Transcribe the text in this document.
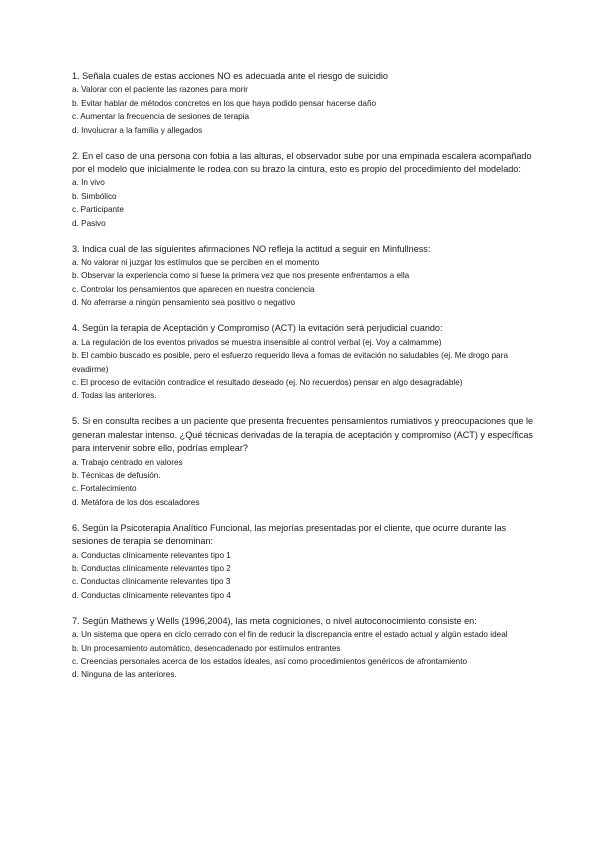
1. Señala cuales de estas acciones NO es adecuada ante el riesgo de suicidio

a. Valorar con el paciente las razones para morir

b. Evitar hablar de métodos concretos en los que haya podido pensar hacerse daño

c. Aumentar la frecuencia de sesiones de terapia

d. Involucrar a la familia y allegados

2. En el caso de una persona con fobia a las alturas, el observador sube por una empinada escalera acompañado por el modelo que inicialmente le rodea con su brazo la cintura, esto es propio del procedimiento del modelado:

a. In vivo

b. Simbólico

c. Participante

d. Pasivo

3. Indica cual de las siguientes afirmaciones NO refleja la actitud a seguir en Minfullness:

a. No valorar ni juzgar los estímulos que se perciben en el momento

b. Observar la experiencia como si fuese la primera vez que nos presente enfrentamos a ella

c. Controlar los pensamientos que aparecen en nuestra conciencia

d. No aferrarse a ningún pensamiento sea positivo o negativo

4. Según la terapia de Aceptación y Compromiso (ACT) la evitación será perjudicial cuando:

a. La regulación de los eventos privados se muestra insensible al control verbal (ej. Voy a calmamme)

b. El cambio buscado es posible, pero el esfuerzo requerido lleva a fomas de evitación no saludables (ej. Me drogo para evadirme)

c. El proceso de evitación contradice el resultado deseado (ej. No recuerdos) pensar en algo desagradable)

d. Todas las anteriores.

5. Si en consulta recibes a un paciente que presenta frecuentes pensamientos rumiativos y preocupaciones que le generan malestar intenso. ¿Qué técnicas derivadas de la terapia de aceptación y compromiso (ACT) y específicas para intervenir sobre ello, podrías emplear?

a. Trabajo centrado en valores

b. Técnicas de defusión.

c. Fortalecimiento

d. Metáfora de los dos escaladores

6. Según la Psicoterapia Analítico Funcional, las mejorías presentadas por el cliente, que ocurre durante las sesiones de terapia se denominan:

a. Conductas clínicamente relevantes tipo 1

b. Conductas clínicamente relevantes tipo 2

c. Conductas clínicamente relevantes tipo 3

d. Conductas clínicamente relevantes tipo 4

7. Según Mathews y Wells (1996,2004), las meta cogniciones, o nivel autoconocimiento consiste en:

a. Un sistema que opera en ciclo cerrado con el fin de reducir la discrepancia entre el estado actual y algún estado ideal

b. Un procesamiento automático, desencadenado por estímulos entrantes

c. Creencias personales acerca de los estados ideales, así como procedimientos genéricos de afrontamiento

d. Ninguna de las anteriores.
